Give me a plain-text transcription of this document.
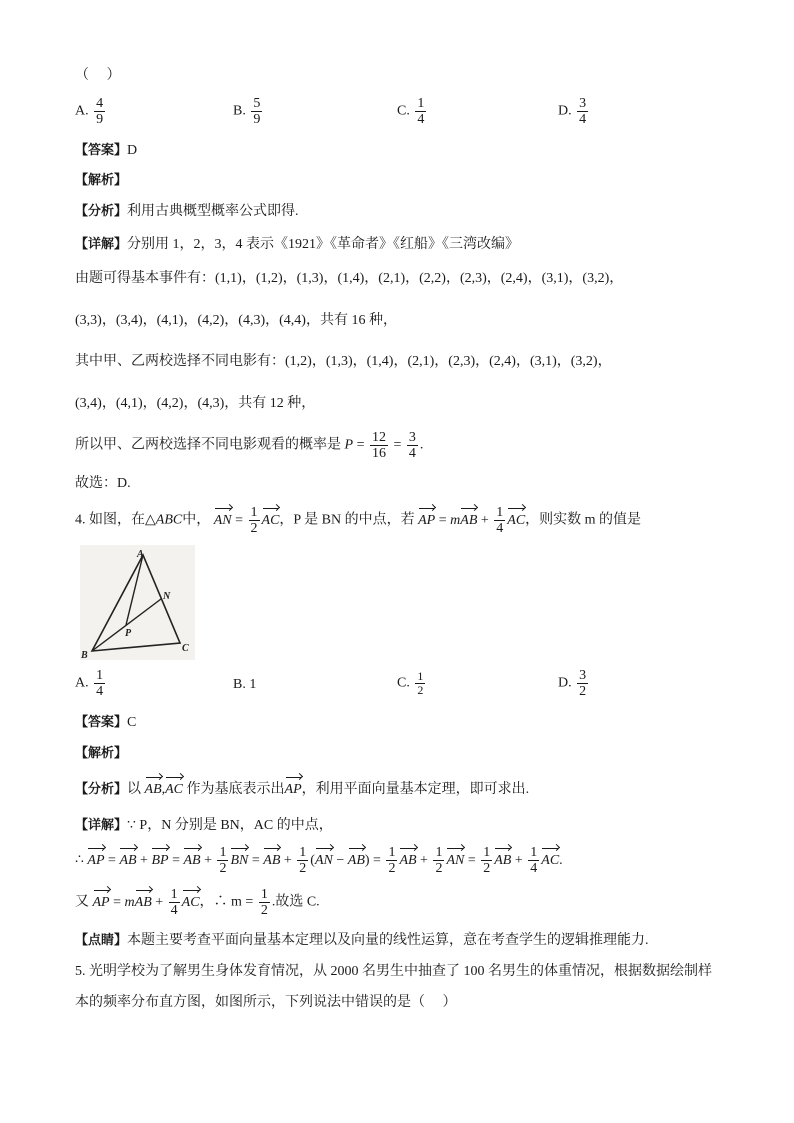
（　 ）
A. $\frac{4}{9}$	B. $\frac{5}{9}$	C. $\frac{1}{4}$	D. $\frac{3}{4}$
【答案】D
【解析】
【分析】利用古典概型概率公式即得.
【详解】分别用 1，2，3，4 表示《1921》《革命者》《红船》《三湾改编》
由题可得基本事件有：(1,1)，(1,2)，(1,3)，(1,4)，(2,1)，(2,2)，(2,3)，(2,4)，(3,1)，(3,2)，
(3,3)，(3,4)，(4,1)，(4,2)，(4,3)，(4,4)，共有 16 种，
其中甲、乙两校选择不同电影有：(1,2)，(1,3)，(1,4)，(2,1)，(2,3)，(2,4)，(3,1)，(3,2)，
(3,4)，(4,1)，(4,2)，(4,3)，共有 12 种，
所以甲、乙两校选择不同电影观看的概率是 $P = \frac{12}{16} = \frac{3}{4}$ .
故选：D.
4. 如图，在△ABC中， AN = $\frac{1}{2}$ AC，P 是 BN 的中点，若 AP = mAB + $\frac{1}{4}$ AC，则实数 m 的值是
A
B
C
N
P
A. $\frac{1}{4}$	B. 1	C. $\frac{1}{2}$	D. $\frac{3}{2}$
【答案】C
【解析】
【分析】以 AB,AC 作为基底表示出AP，利用平面向量基本定理，即可求出.
【详解】∵ P，N 分别是 BN，AC 的中点，
∴ AP = AB + BP = AB + $\frac{1}{2}$ BN = AB + $\frac{1}{2} (AN - AB) = \frac{1}{2}$ AB + $\frac{1}{2}$ AN = $\frac{1}{2}$ AB + $\frac{1}{4}$ AC.
又 AP = mAB + $\frac{1}{4}$ AC，∴ $m = \frac{1}{2}$ .故选 C.
【点睛】本题主要考查平面向量基本定理以及向量的线性运算，意在考查学生的逻辑推理能力.
5. 光明学校为了解男生身体发育情况，从 2000 名男生中抽查了 100 名男生的体重情况，根据数据绘制样
本的频率分布直方图，如图所示，下列说法中错误的是（　 ）
